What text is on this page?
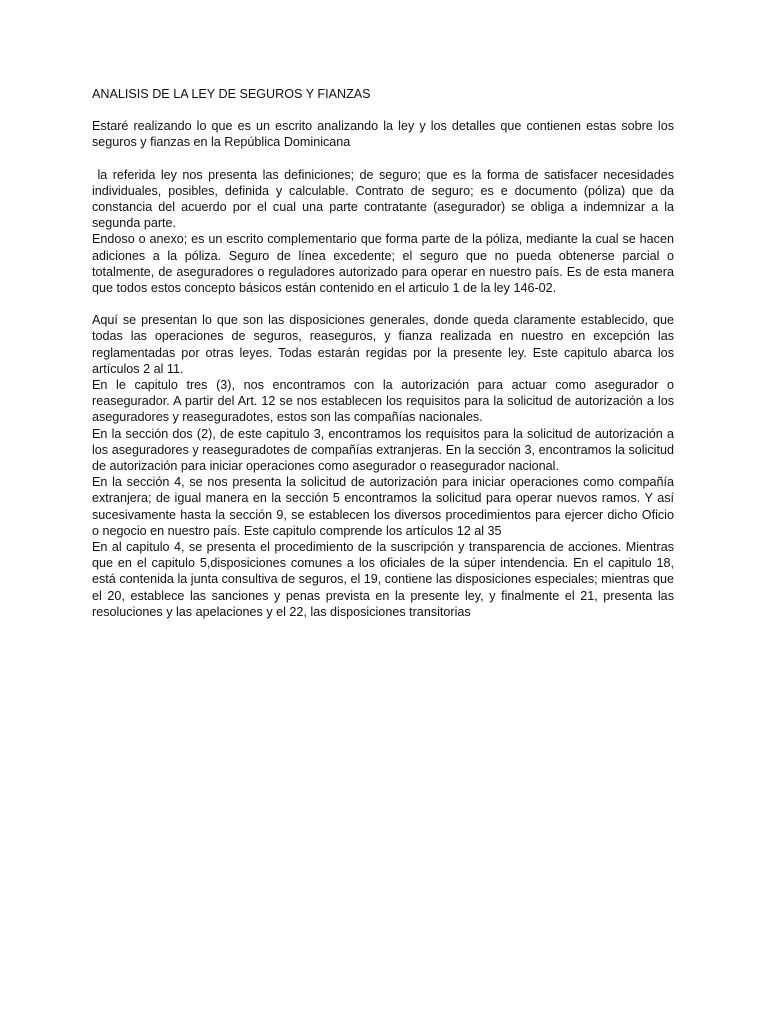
ANALISIS DE LA LEY DE SEGUROS Y FIANZAS

Estaré realizando lo que es un escrito analizando la ley y los detalles que contienen estas sobre los seguros y fianzas en la República Dominicana

la referida ley nos presenta las definiciones; de seguro; que es la forma de satisfacer necesidades individuales, posibles, definida y calculable. Contrato de seguro; es e documento (póliza) que da constancia del acuerdo por el cual una parte contratante (asegurador) se obliga a indemnizar a la segunda parte.

Endoso o anexo; es un escrito complementario que forma parte de la póliza, mediante la cual se hacen adiciones a la póliza. Seguro de línea excedente; el seguro que no pueda obtenerse parcial o totalmente, de aseguradores o reguladores autorizado para operar en nuestro país. Es de esta manera que todos estos concepto básicos están contenido en el articulo 1 de la ley 146-02.

Aquí se presentan lo que son las disposiciones generales, donde queda claramente establecido, que todas las operaciones de seguros, reaseguros, y fianza realizada en nuestro en excepción las reglamentadas por otras leyes. Todas estarán regidas por la presente ley. Este capitulo abarca los artículos 2 al 11.

En le capitulo tres (3), nos encontramos con la autorización para actuar como asegurador o reasegurador. A partir del Art. 12 se nos establecen los requisitos para la solicitud de autorización a los aseguradores y reaseguradotes, estos son las compañías nacionales.

En la sección dos (2), de este capitulo 3, encontramos los requisitos para la solicitud de autorización a los aseguradores y reaseguradotes de compañías extranjeras. En la sección 3, encontramos la solicitud de autorización para iniciar operaciones como asegurador o reasegurador nacional.

En la sección 4, se nos presenta la solicitud de autorización para iniciar operaciones como compañía extranjera; de igual manera en la sección 5 encontramos la solicitud para operar nuevos ramos. Y así sucesivamente hasta la sección 9, se establecen los diversos procedimientos para ejercer dicho Oficio o negocio en nuestro país. Este capitulo comprende los artículos 12 al 35

En al capitulo 4, se presenta el procedimiento de la suscripción y transparencia de acciones. Mientras que en el capitulo 5,disposiciones comunes a los oficiales de la súper intendencia. En el capitulo 18, está contenida la junta consultiva de seguros, el 19, contiene las disposiciones especiales; mientras que el 20, establece las sanciones y penas prevista en la presente ley, y finalmente el 21, presenta las resoluciones y las apelaciones y el 22, las disposiciones transitorias
